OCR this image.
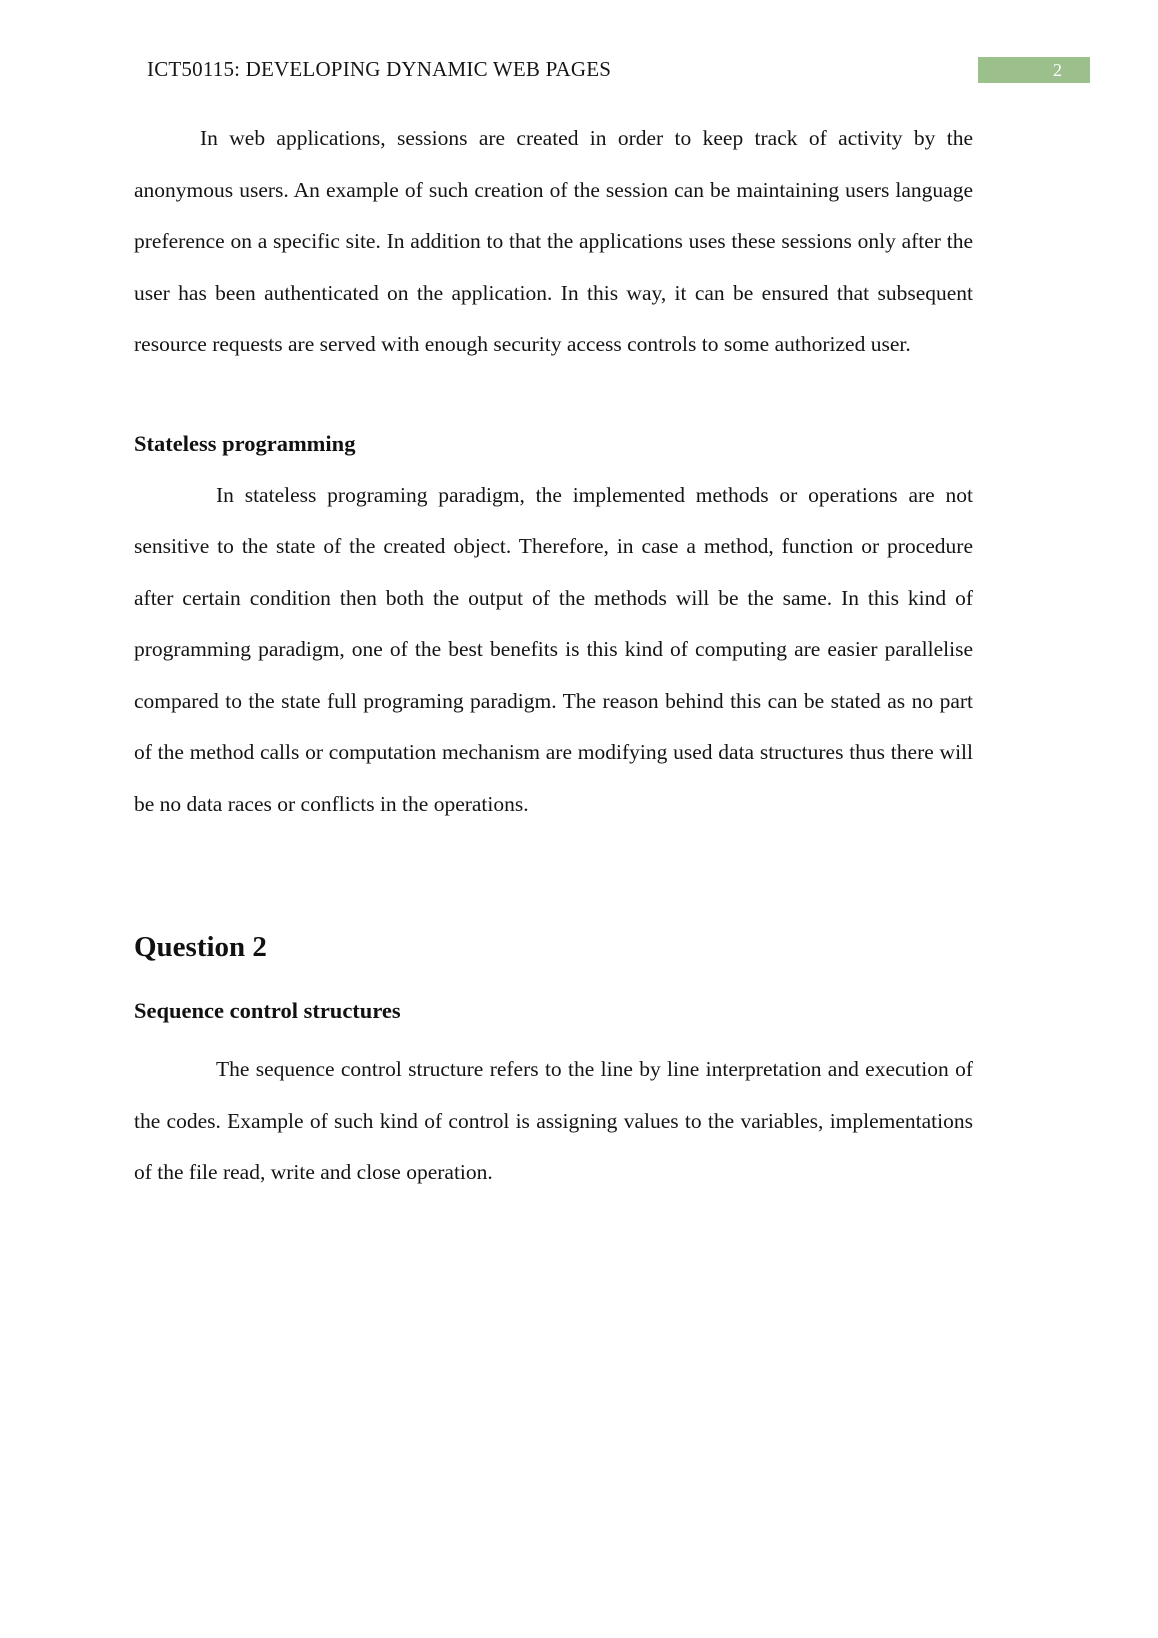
ICT50115: DEVELOPING DYNAMIC WEB PAGES	2

In web applications, sessions are created in order to keep track of activity by the anonymous users. An example of such creation of the session can be maintaining users language preference on a specific site. In addition to that the applications uses these sessions only after the user has been authenticated on the application. In this way, it can be ensured that subsequent resource requests are served with enough security access controls to some authorized user.

Stateless programming

In stateless programing paradigm, the implemented methods or operations are not sensitive to the state of the created object. Therefore, in case a method, function or procedure after certain condition then both the output of the methods will be the same. In this kind of programming paradigm, one of the best benefits is this kind of computing are easier parallelise compared to the state full programing paradigm. The reason behind this can be stated as no part of the method calls or computation mechanism are modifying used data structures thus there will be no data races or conflicts in the operations.

Question 2
Sequence control structures

The sequence control structure refers to the line by line interpretation and execution of the codes. Example of such kind of control is assigning values to the variables, implementations of the file read, write and close operation.
